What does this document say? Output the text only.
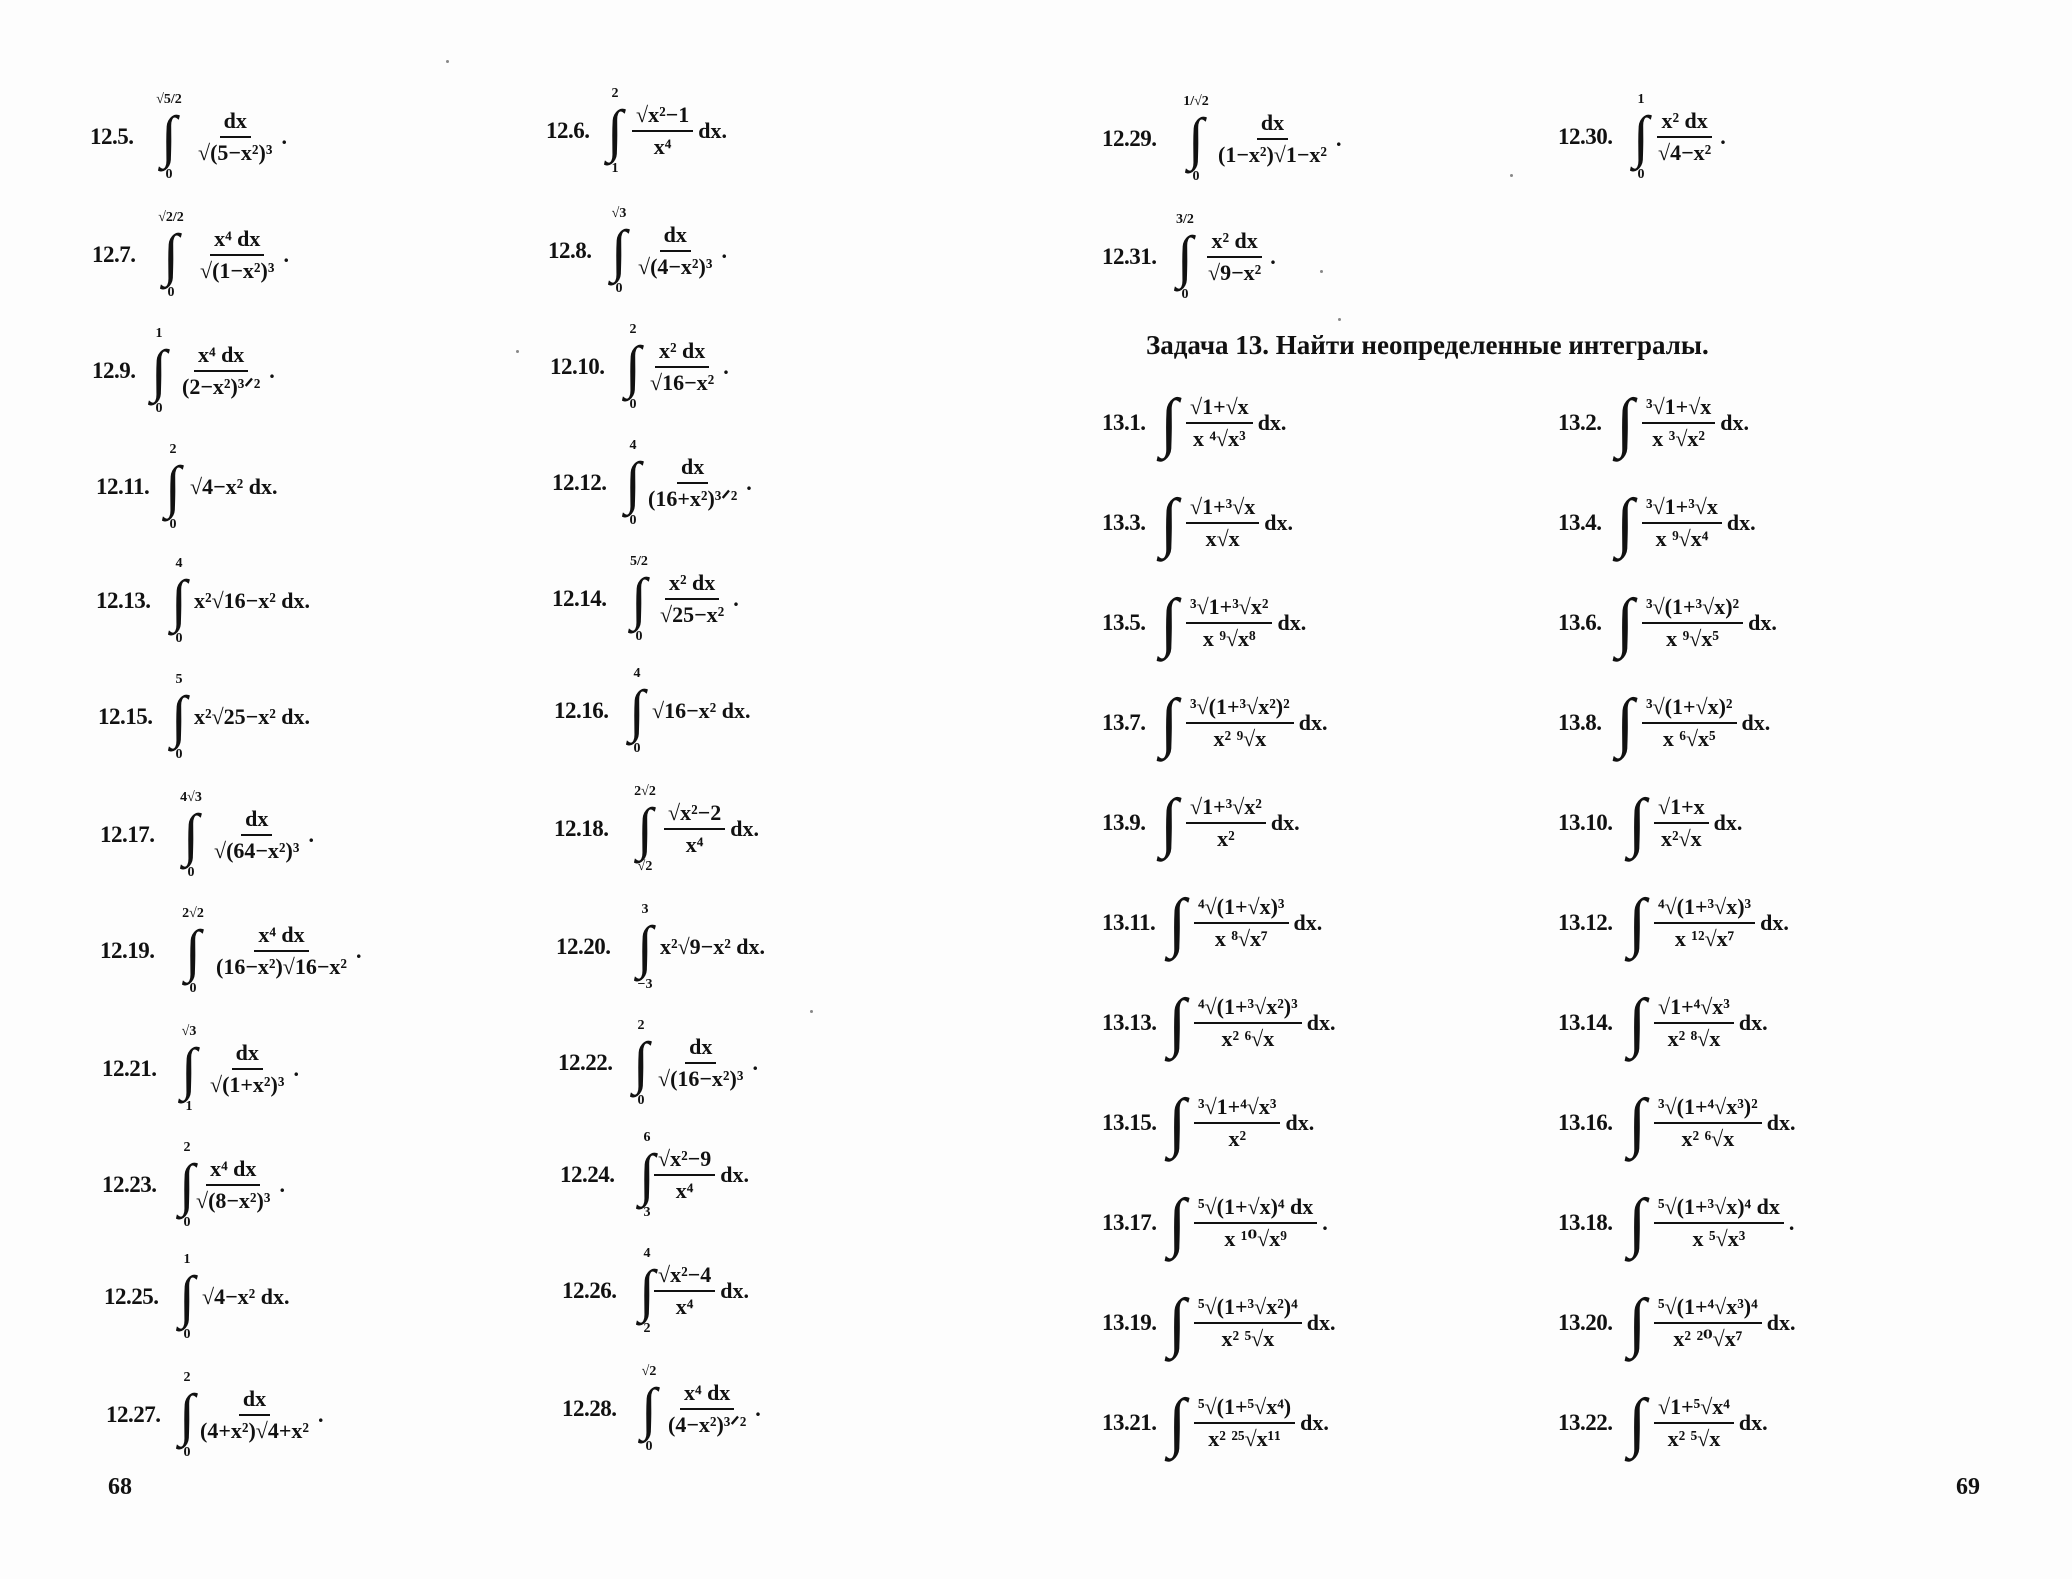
12.5.
√5/2
∫
0
$\frac{dx}{\text{√(5−x²)³}}$ .
12.7.
√2/2
∫
0
$\frac{\text{x⁴ dx}}{\text{√(1−x²)³}}$ .
12.9.
1
∫
0
$\frac{\text{x⁴ dx}}{\text{(2−x²)³ᐟ²}}$ .
12.11.
2
∫
0
√4−x² dx.
12.13.
4
∫
0
x²√16−x² dx.
12.15.
5
∫
0
x²√25−x² dx.
12.17.
4√3
∫
0
$\frac{dx}{\text{√(64−x²)³}}$ .
12.19.
2√2
∫
0
$\frac{\text{x⁴ dx}}{\text{(16−x²)√16−x²}}$ .
12.21.
√3
∫
1
$\frac{dx}{\text{√(1+x²)³}}$ .
12.23.
2
∫
0
$\frac{\text{x⁴ dx}}{\text{√(8−x²)³}}$ .
12.25.
1
∫
0
√4−x² dx.
12.27.
2
∫
0
$\frac{dx}{\text{(4+x²)√4+x²}}$ .
12.6.
2
∫
1
$\frac{\text{√x²−1}}{\text{x⁴}}$ dx.
12.8.
√3
∫
0
$\frac{dx}{\text{√(4−x²)³}}$ .
12.10.
2
∫
0
$\frac{\text{x² dx}}{\text{√16−x²}}$ .
12.12.
4
∫
0
$\frac{dx}{\text{(16+x²)³ᐟ²}}$ .
12.14.
5/2
∫
0
$\frac{\text{x² dx}}{\text{√25−x²}}$ .
12.16.
4
∫
0
√16−x² dx.
12.18.
2√2
∫
√2
$\frac{\text{√x²−2}}{\text{x⁴}}$ dx.
12.20.
3
∫
−3
x²√9−x² dx.
12.22.
2
∫
0
$\frac{dx}{\text{√(16−x²)³}}$ .
12.24.
6
∫
3
$\frac{\text{√x²−9}}{\text{x⁴}}$ dx.
12.26.
4
∫
2
$\frac{\text{√x²−4}}{\text{x⁴}}$ dx.
12.28.
√2
∫
0
$\frac{\text{x⁴ dx}}{\text{(4−x²)³ᐟ²}}$ .
12.29.
1/√2
∫
0
$\frac{dx}{\text{(1−x²)√1−x²}}$ .	12.30.
1
∫
0
$\frac{\text{x² dx}}{\text{√4−x²}}$ .
12.31.
3/2
∫
0
$\frac{\text{x² dx}}{\text{√9−x²}}$ .
Задача 13. Найти неопределенные интегралы.
13.1. ∫ $\frac{√1+√x}{\text{x ⁴√x³}}$ dx.
13.3. ∫ $\frac{\text{√1+³√x}}{x√x}$ dx.
13.5. ∫ $\frac{\text{³√1+³√x²}}{\text{x ⁹√x⁸}}$ dx.
13.7. ∫ $\frac{\text{³√(1+³√x²)²}}{\text{x² ⁹√x}}$ dx.
13.9. ∫ $\frac{\text{√1+³√x²}}{\text{x²}}$ dx.
13.11. ∫ $\frac{\text{⁴√(1+√x)³}}{\text{x ⁸√x⁷}}$ dx.
13.13. ∫ $\frac{\text{⁴√(1+³√x²)³}}{\text{x² ⁶√x}}$ dx.
13.15. ∫ $\frac{\text{³√1+⁴√x³}}{\text{x²}}$ dx.
13.17. ∫ $\frac{\text{⁵√(1+√x)⁴ dx}}{\text{x ¹⁰√x⁹}}$ .
13.19. ∫ $\frac{\text{⁵√(1+³√x²)⁴}}{\text{x² ⁵√x}}$ dx.
13.21. ∫ $\frac{\text{⁵√(1+⁵√x⁴)}}{\text{x² ²⁵√x¹¹}}$ dx.
13.2. ∫ $\frac{\text{³√1+√x}}{\text{x ³√x²}}$ dx.
13.4. ∫ $\frac{\text{³√1+³√x}}{\text{x ⁹√x⁴}}$ dx.
13.6. ∫ $\frac{\text{³√(1+³√x)²}}{\text{x ⁹√x⁵}}$ dx.
13.8. ∫ $\frac{\text{³√(1+√x)²}}{\text{x ⁶√x⁵}}$ dx.
13.10. ∫ $\frac{√1+x}{\text{x²√x}}$ dx.
13.12. ∫ $\frac{\text{⁴√(1+³√x)³}}{\text{x ¹²√x⁷}}$ dx.
13.14. ∫ $\frac{\text{√1+⁴√x³}}{\text{x² ⁸√x}}$ dx.
13.16. ∫ $\frac{\text{³√(1+⁴√x³)²}}{\text{x² ⁶√x}}$ dx.
13.18. ∫ $\frac{\text{⁵√(1+³√x)⁴ dx}}{\text{x ⁵√x³}}$ .
13.20. ∫ $\frac{\text{⁵√(1+⁴√x³)⁴}}{\text{x² ²⁰√x⁷}}$ dx.
13.22. ∫ $\frac{\text{√1+⁵√x⁴}}{\text{x² ⁵√x}}$ dx.
68	69
